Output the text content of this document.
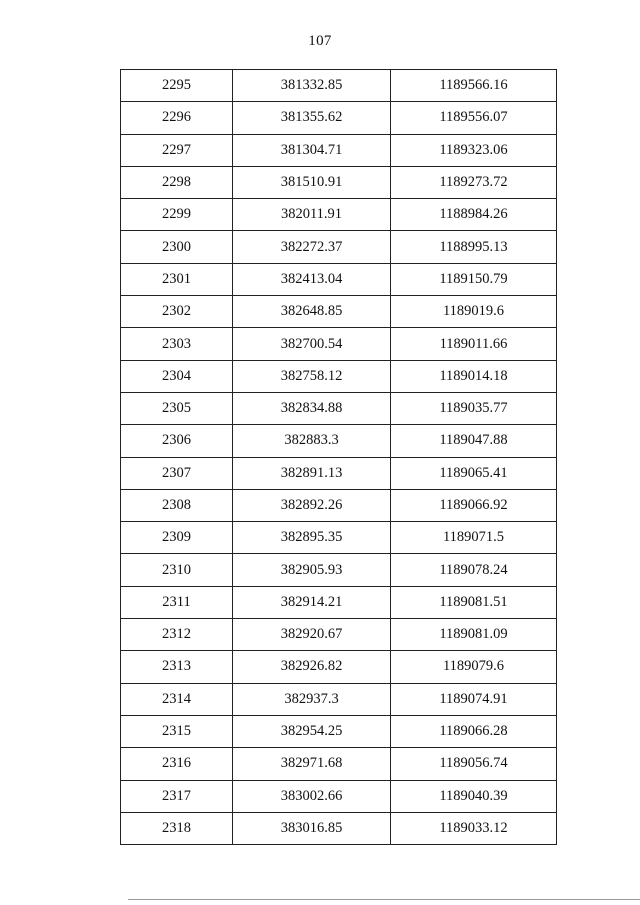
107
2295	381332.85	1189566.16
2296	381355.62	1189556.07
2297	381304.71	1189323.06
2298	381510.91	1189273.72
2299	382011.91	1188984.26
2300	382272.37	1188995.13
2301	382413.04	1189150.79
2302	382648.85	1189019.6
2303	382700.54	1189011.66
2304	382758.12	1189014.18
2305	382834.88	1189035.77
2306	382883.3	1189047.88
2307	382891.13	1189065.41
2308	382892.26	1189066.92
2309	382895.35	1189071.5
2310	382905.93	1189078.24
2311	382914.21	1189081.51
2312	382920.67	1189081.09
2313	382926.82	1189079.6
2314	382937.3	1189074.91
2315	382954.25	1189066.28
2316	382971.68	1189056.74
2317	383002.66	1189040.39
2318	383016.85	1189033.12
